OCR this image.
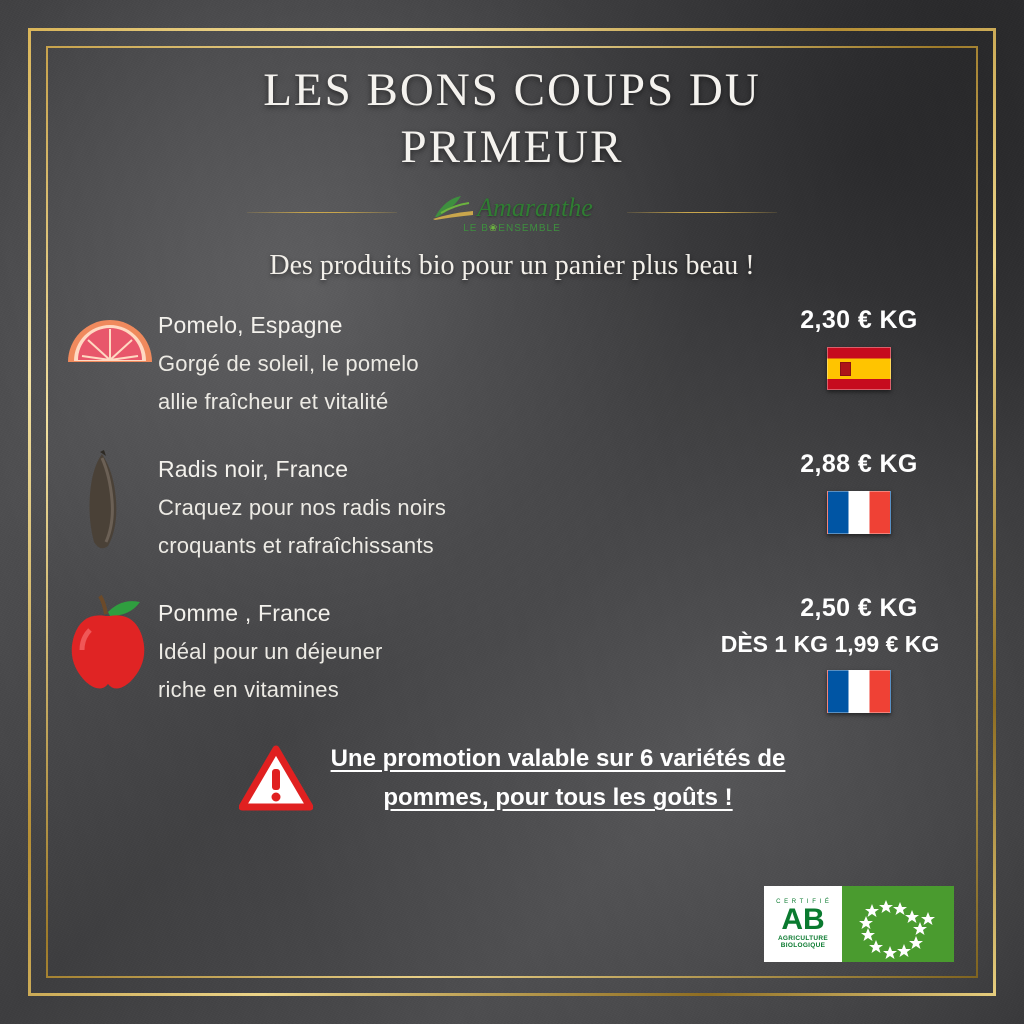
LES BONS COUPS DU
PRIMEUR
Amaranthe
LE B❀ENSEMBLE
Des produits bio pour un panier plus beau !
Pomelo, Espagne
Gorgé de soleil, le pomelo
allie fraîcheur et vitalité
2,30 € KG
Radis noir, France
Craquez pour nos radis noirs
croquants et rafraîchissants
2,88 € KG
Pomme , France
Idéal pour un déjeuner
riche en vitamines
2,50 € KG
DÈS 1 KG 1,99 € KG
Une promotion valable sur 6 variétés de
pommes, pour tous les goûts !
C E R T I F I É
AB
AGRICULTURE
BIOLOGIQUE
